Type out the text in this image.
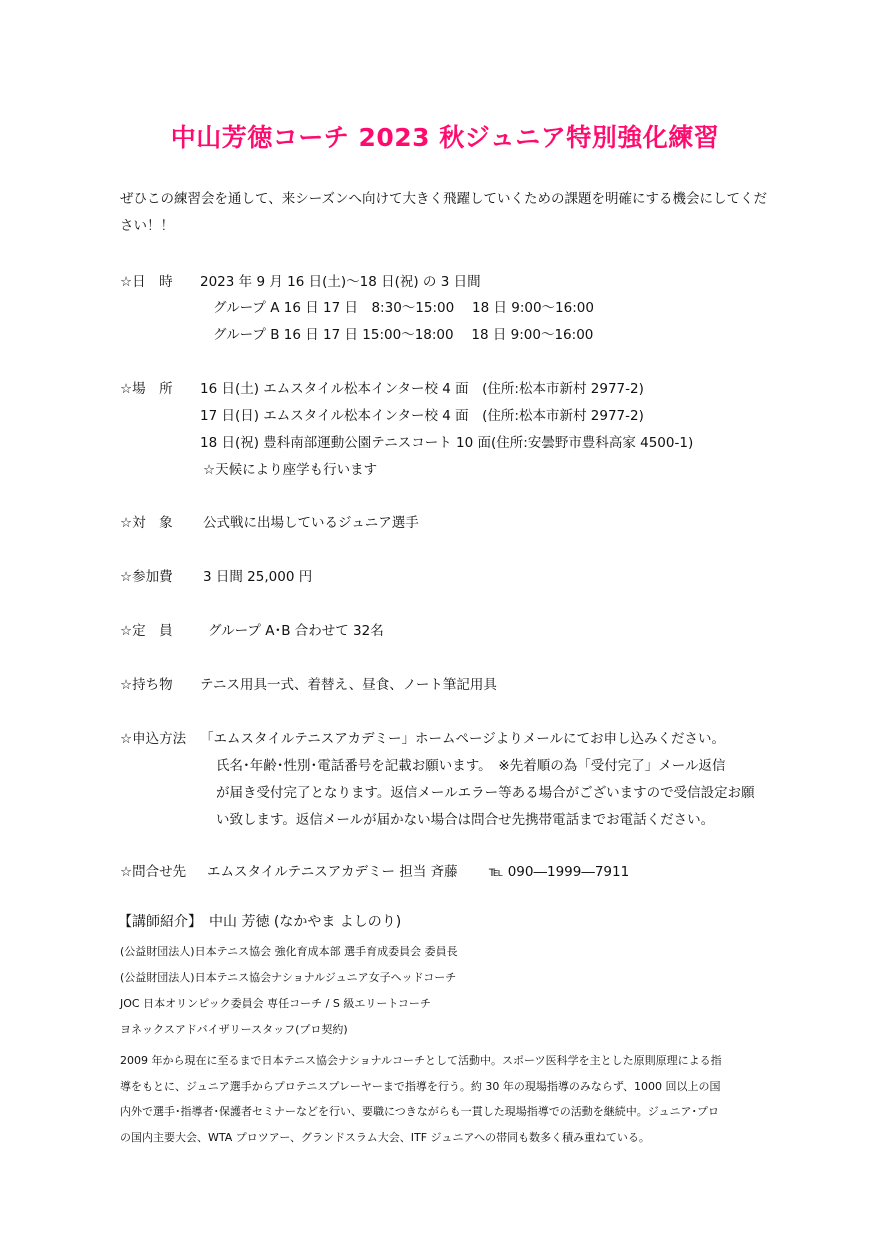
中山芳徳コーチ 2023 秋ジュニア特別強化練習
ぜひこの練習会を通して、来シーズンへ向けて大きく飛躍していくための課題を明確にする機会にしてください！！
☆日　時 2023 年 9 月 16 日(土)～18 日(祝) の 3 日間
グループ A 16 日 17 日　8:30～15:00　 18 日 9:00～16:00
グループ B 16 日 17 日 15:00～18:00　 18 日 9:00～16:00
☆場　所 16 日(土) エムスタイル松本インター校 4 面　(住所:松本市新村 2977-2)
17 日(日) エムスタイル松本インター校 4 面　(住所:松本市新村 2977-2)
18 日(祝) 豊科南部運動公園テニスコート 10 面(住所:安曇野市豊科高家 4500-1)
☆天候により座学も行います
☆対　象 公式戦に出場しているジュニア選手
☆参加費 3 日間 25,000 円
☆定　員	グループ A･B 合わせて 32名
☆持ち物 テニス用具一式、着替え、昼食、ノート筆記用具
☆申込方法 「エムスタイルテニスアカデミー」ホームページよりメールにてお申し込みください。
氏名･年齢･性別･電話番号を記載お願います。　※先着順の為「受付完了」メール返信
が届き受付完了となります。返信メールエラー等ある場合がございますので受信設定お願
い致します。返信メールが届かない場合は問合せ先携帯電話までお電話ください。
☆問合せ先 エムスタイルテニスアカデミー 担当 斉藤　　 ℡ 090―1999―7911
【講師紹介】　中山 芳徳 (なかやま よしのり)
(公益財団法人)日本テニス協会 強化育成本部 選手育成委員会 委員長
(公益財団法人)日本テニス協会ナショナルジュニア女子ヘッドコーチ
JOC 日本オリンピック委員会 専任コーチ / S 級エリートコーチ
ヨネックスアドバイザリースタッフ(プロ契約)
2009 年から現在に至るまで日本テニス協会ナショナルコーチとして活動中。スポーツ医科学を主とした原則原理による指導をもとに、ジュニア選手からプロテニスプレーヤーまで指導を行う。約 30 年の現場指導のみならず、1000 回以上の国内外で選手･指導者･保護者セミナーなどを行い、要職につきながらも一貫した現場指導での活動を継続中。ジュニア･プロの国内主要大会、WTA プロツアー、グランドスラム大会、ITF ジュニアへの帯同も数多く積み重ねている。
